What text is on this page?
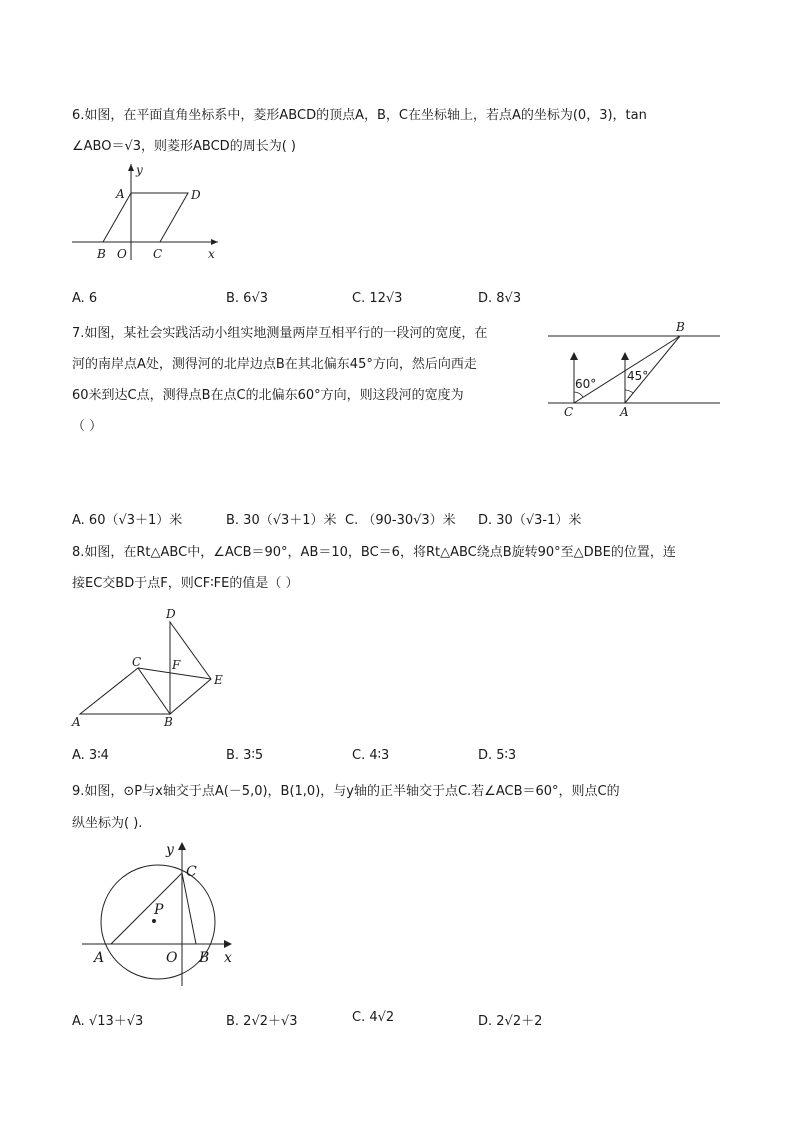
6.如图，在平面直角坐标系中，菱形ABCD的顶点A，B，C在坐标轴上，若点A的坐标为(0，3)，tan
∠ABO＝√3，则菱形ABCD的周长为( )
y
x
A	D
B O C
A. 6	B. 6√3	C. 12√3	D. 8√3
7.如图，某社会实践活动小组实地测量两岸互相平行的一段河的宽度，在
河的南岸点A处，测得河的北岸边点B在其北偏东45°方向，然后向西走
60米到达C点，测得点B在点C的北偏东60°方向，则这段河的宽度为
（ ）
B
C	A
60°
45°
A. 60（√3＋1）米	B. 30（√3＋1）米 C. （90-30√3）米 D. 30（√3-1）米
8.如图，在Rt△ABC中，∠ACB＝90°，AB＝10，BC＝6，将Rt△ABC绕点B旋转90°至△DBE的位置，连
接EC交BD于点F，则CF∶FE的值是（ ）
D
C	F
E
A	B
A. 3∶4	B. 3∶5	C. 4∶3	D. 5∶3
9.如图，⊙P与x轴交于点A(－5,0)，B(1,0)，与y轴的正半轴交于点C.若∠ACB＝60°，则点C的
纵坐标为( ).
y
x
C
P
A	O B
A. √13＋√3	B. 2√2＋√3	C. 4√2	D. 2√2＋2
